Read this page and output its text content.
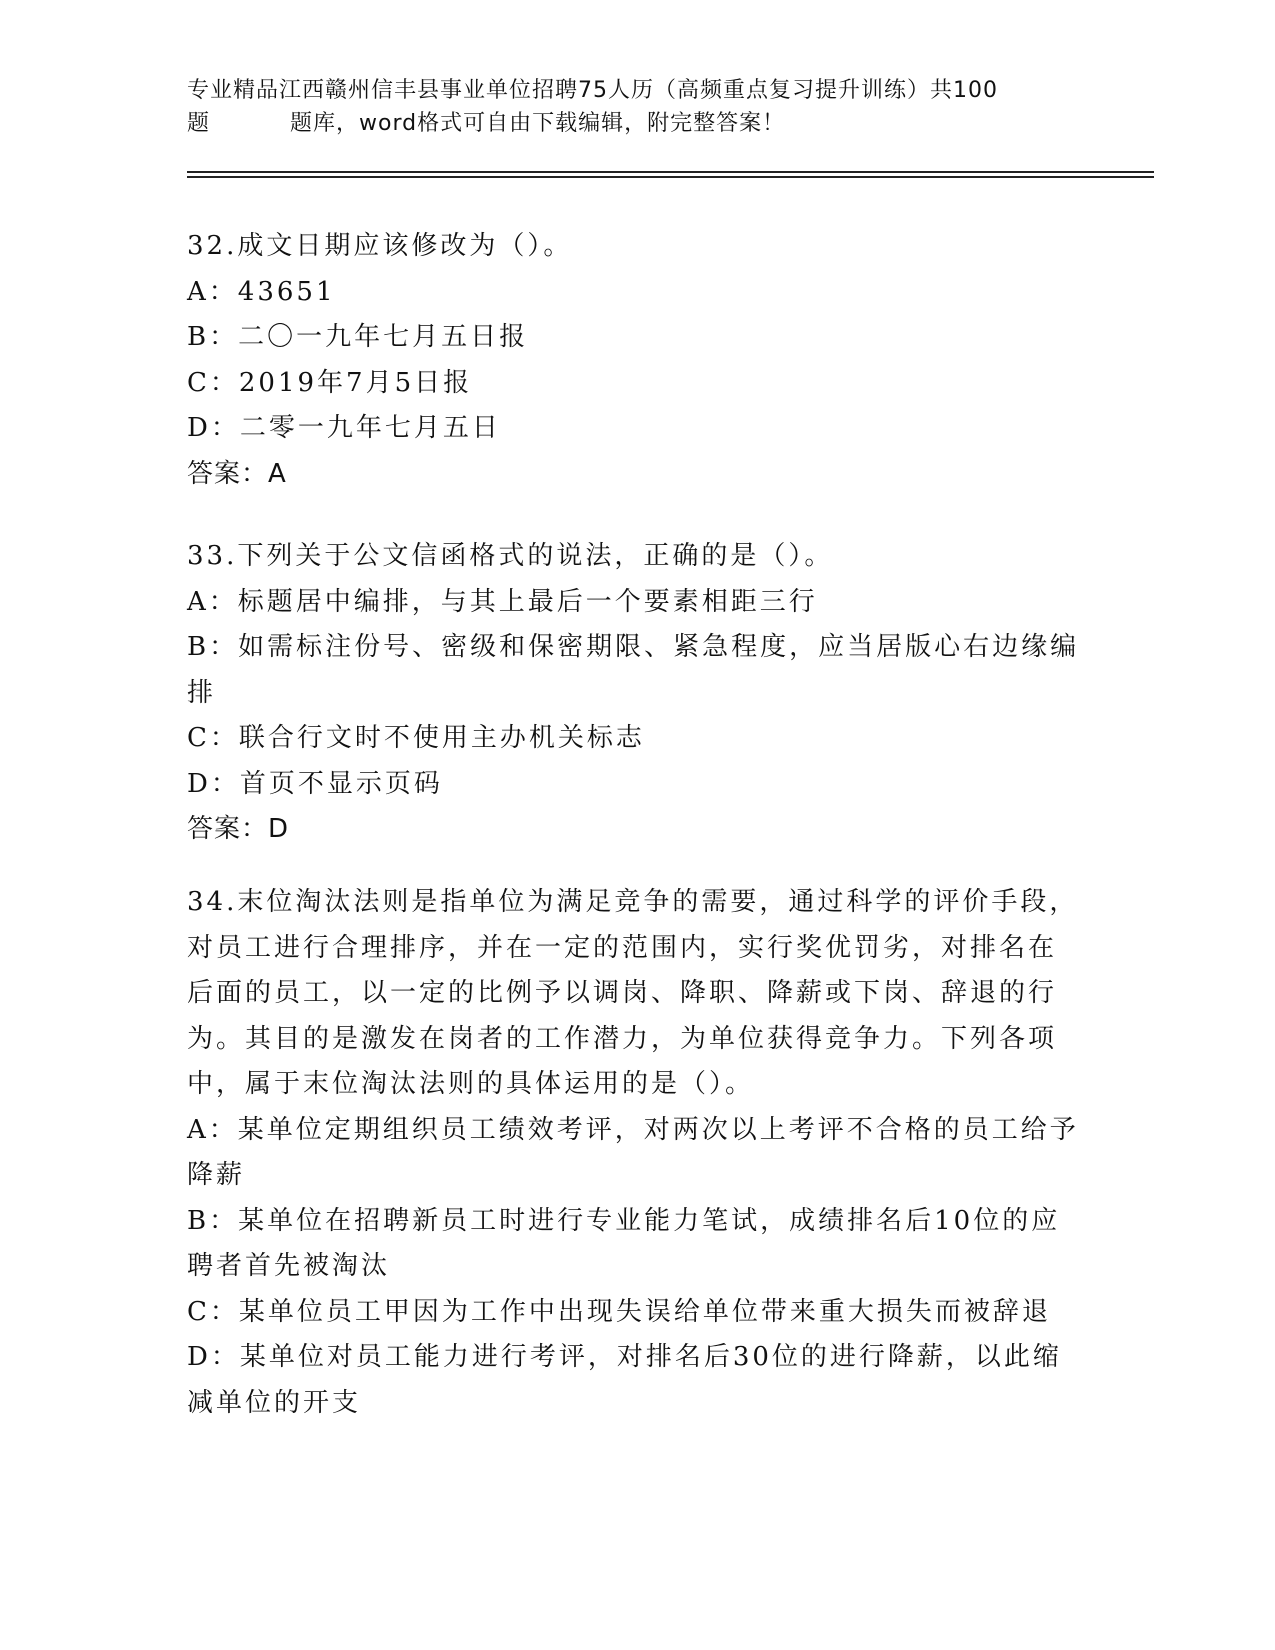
专业精品江西赣州信丰县事业单位招聘75人历（高频重点复习提升训练）共100
题	题库，word格式可自由下载编辑，附完整答案！
32.成文日期应该修改为（）。
A：43651
B：二〇一九年七月五日报
C：2019年7月5日报
D：二零一九年七月五日
答案：A
33.下列关于公文信函格式的说法，正确的是（）。
A：标题居中编排，与其上最后一个要素相距三行
B：如需标注份号、密级和保密期限、紧急程度，应当居版心右边缘编
排
C：联合行文时不使用主办机关标志
D：首页不显示页码
答案：D
34.末位淘汰法则是指单位为满足竞争的需要，通过科学的评价手段，
对员工进行合理排序，并在一定的范围内，实行奖优罚劣，对排名在
后面的员工，以一定的比例予以调岗、降职、降薪或下岗、辞退的行
为。其目的是激发在岗者的工作潜力，为单位获得竞争力。下列各项
中，属于末位淘汰法则的具体运用的是（）。
A：某单位定期组织员工绩效考评，对两次以上考评不合格的员工给予
降薪
B：某单位在招聘新员工时进行专业能力笔试，成绩排名后10位的应
聘者首先被淘汰
C：某单位员工甲因为工作中出现失误给单位带来重大损失而被辞退
D：某单位对员工能力进行考评，对排名后30位的进行降薪，以此缩
减单位的开支
